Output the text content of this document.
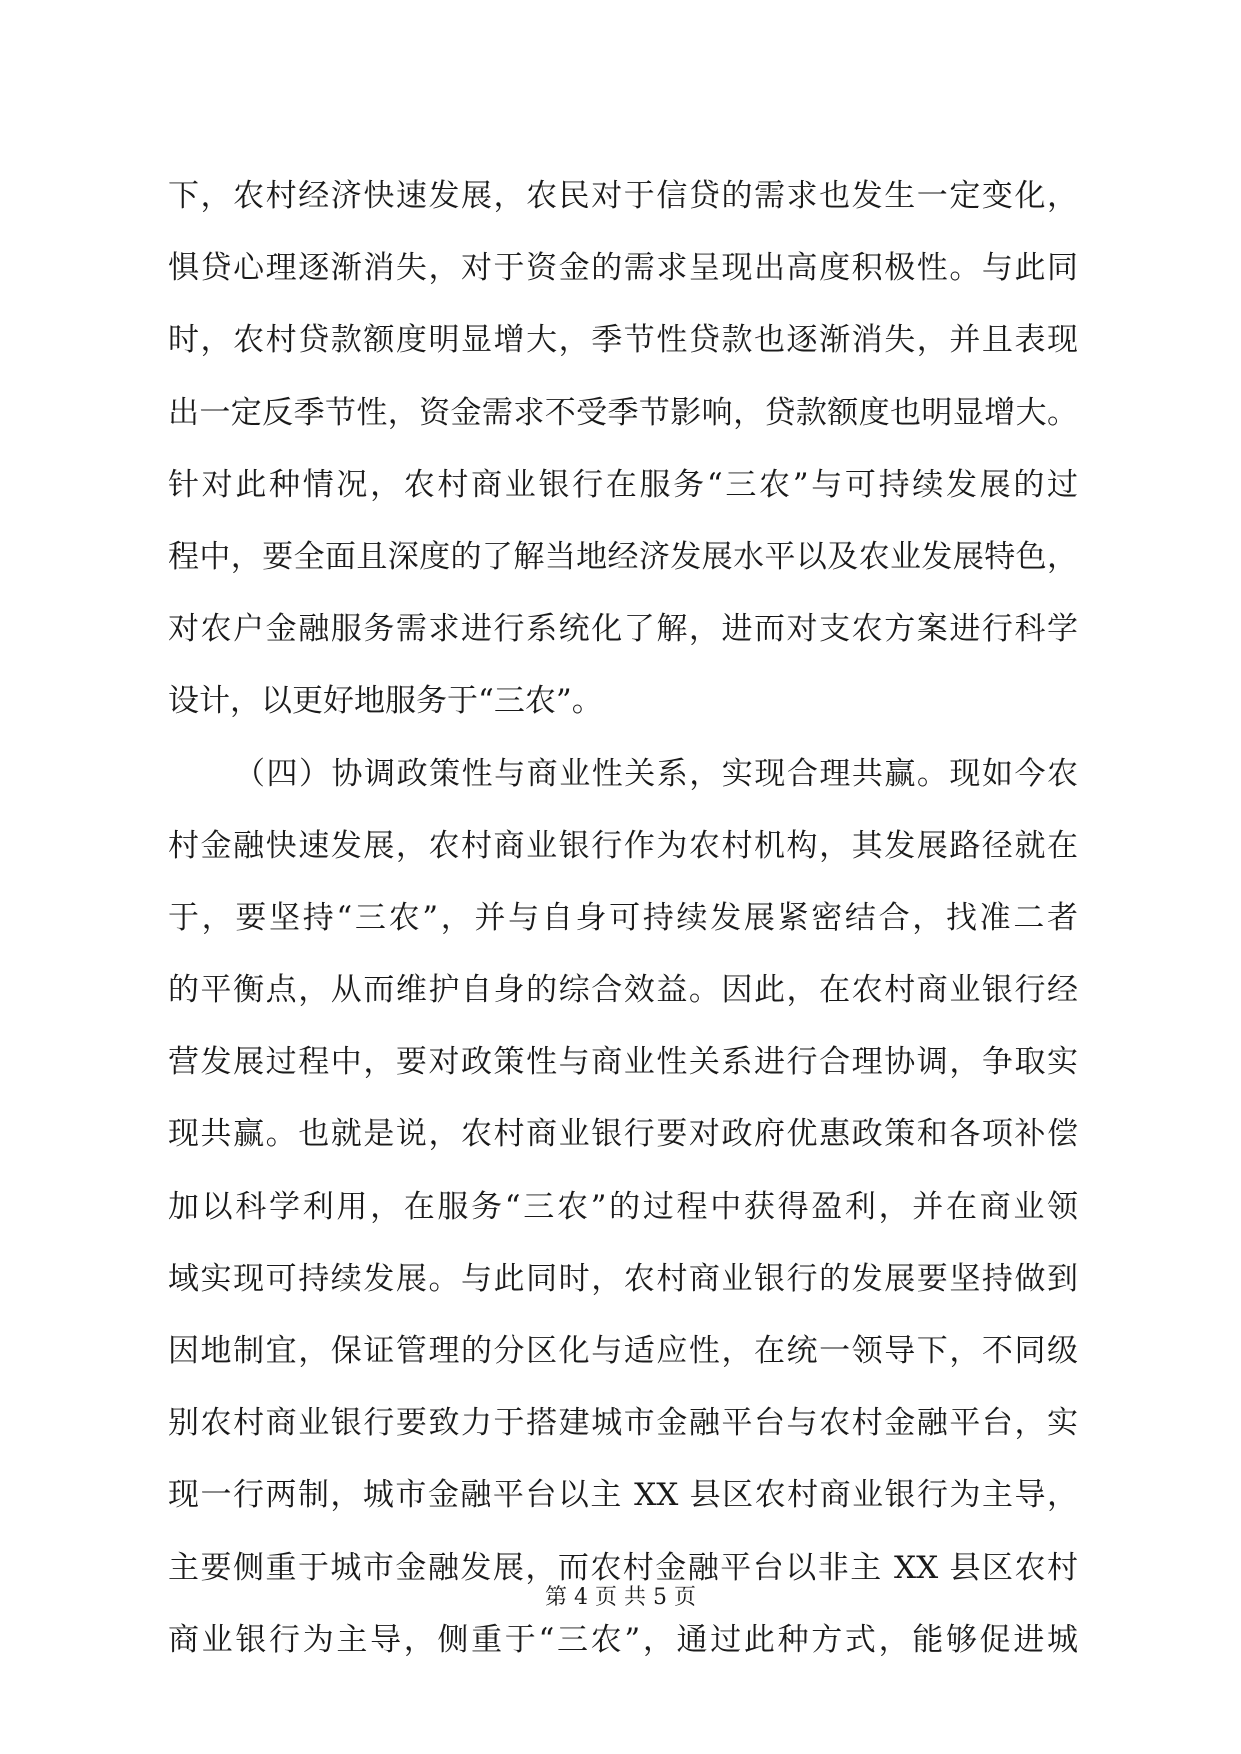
下，农村经济快速发展，农民对于信贷的需求也发生一定变化，
惧贷心理逐渐消失，对于资金的需求呈现出高度积极性。与此同
时，农村贷款额度明显增大，季节性贷款也逐渐消失，并且表现
出一定反季节性，资金需求不受季节影响，贷款额度也明显增大。
针对此种情况，农村商业银行在服务“三农”与可持续发展的过
程中，要全面且深度的了解当地经济发展水平以及农业发展特色，
对农户金融服务需求进行系统化了解，进而对支农方案进行科学
设计，以更好地服务于“三农”。
（四）协调政策性与商业性关系，实现合理共赢。现如今农
村金融快速发展，农村商业银行作为农村机构，其发展路径就在
于，要坚持“三农”，并与自身可持续发展紧密结合，找准二者
的平衡点，从而维护自身的综合效益。因此，在农村商业银行经
营发展过程中，要对政策性与商业性关系进行合理协调，争取实
现共赢。也就是说，农村商业银行要对政府优惠政策和各项补偿
加以科学利用，在服务“三农”的过程中获得盈利，并在商业领
域实现可持续发展。与此同时，农村商业银行的发展要坚持做到
因地制宜，保证管理的分区化与适应性，在统一领导下，不同级
别农村商业银行要致力于搭建城市金融平台与农村金融平台，实
现一行两制，城市金融平台以主 XX 县区农村商业银行为主导，
主要侧重于城市金融发展，而农村金融平台以非主 XX 县区农村
商业银行为主导，侧重于“三农”，通过此种方式，能够促进城
第 4 页 共 5 页
